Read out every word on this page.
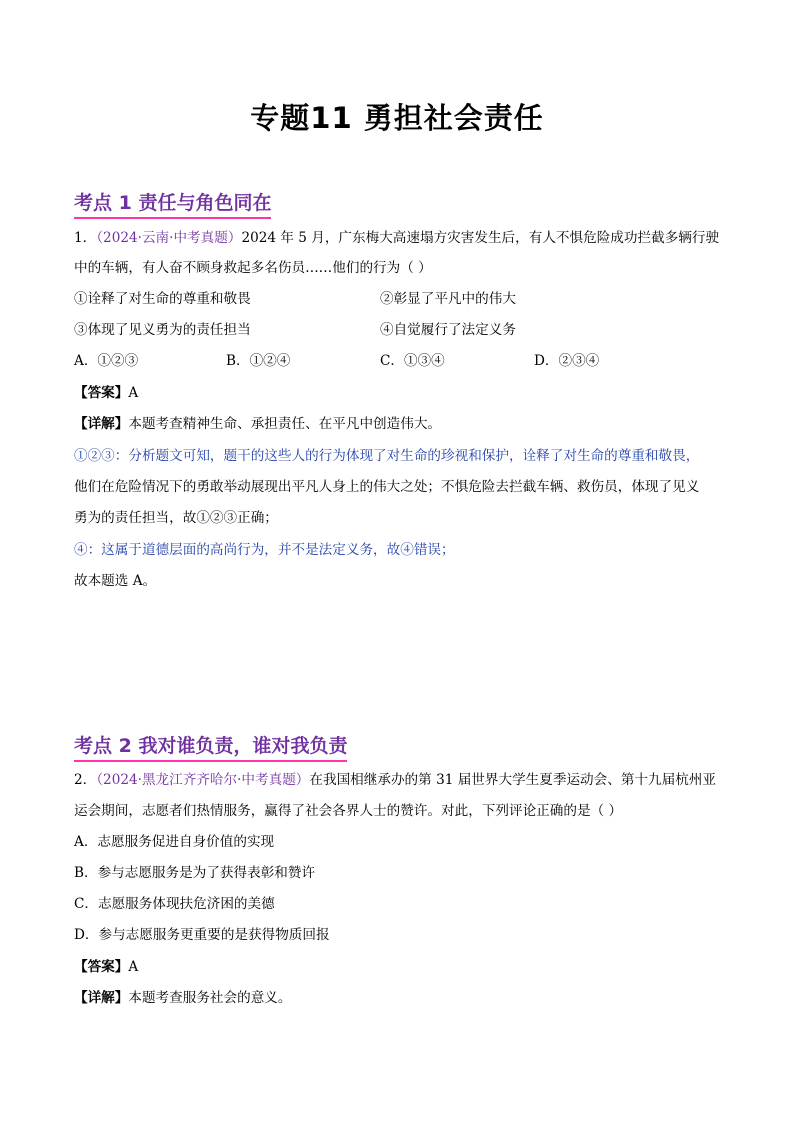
专题11 勇担社会责任
考点 1 责任与角色同在
1．（2024·云南·中考真题）2024 年 5 月，广东梅大高速塌方灾害发生后，有人不惧危险成功拦截多辆行驶
中的车辆，有人奋不顾身救起多名伤员……他们的行为（ ）
①诠释了对生命的尊重和敬畏	②彰显了平凡中的伟大
③体现了见义勇为的责任担当	④自觉履行了法定义务
A．①②③	B．①②④	C．①③④	D．②③④
【答案】A
【详解】本题考查精神生命、承担责任、在平凡中创造伟大。
①②③：分析题文可知，题干的这些人的行为体现了对生命的珍视和保护，诠释了对生命的尊重和敬畏，
他们在危险情况下的勇敢举动展现出平凡人身上的伟大之处；不惧危险去拦截车辆、救伤员，体现了见义
勇为的责任担当，故①②③正确；
④：这属于道德层面的高尚行为，并不是法定义务，故④错误；
故本题选 A。
考点 2 我对谁负责，谁对我负责
2．（2024·黑龙江齐齐哈尔·中考真题）在我国相继承办的第 31 届世界大学生夏季运动会、第十九届杭州亚
运会期间，志愿者们热情服务，赢得了社会各界人士的赞许。对此，下列评论正确的是（ ）
A．志愿服务促进自身价值的实现
B．参与志愿服务是为了获得表彰和赞许
C．志愿服务体现扶危济困的美德
D．参与志愿服务更重要的是获得物质回报
【答案】A
【详解】本题考查服务社会的意义。
